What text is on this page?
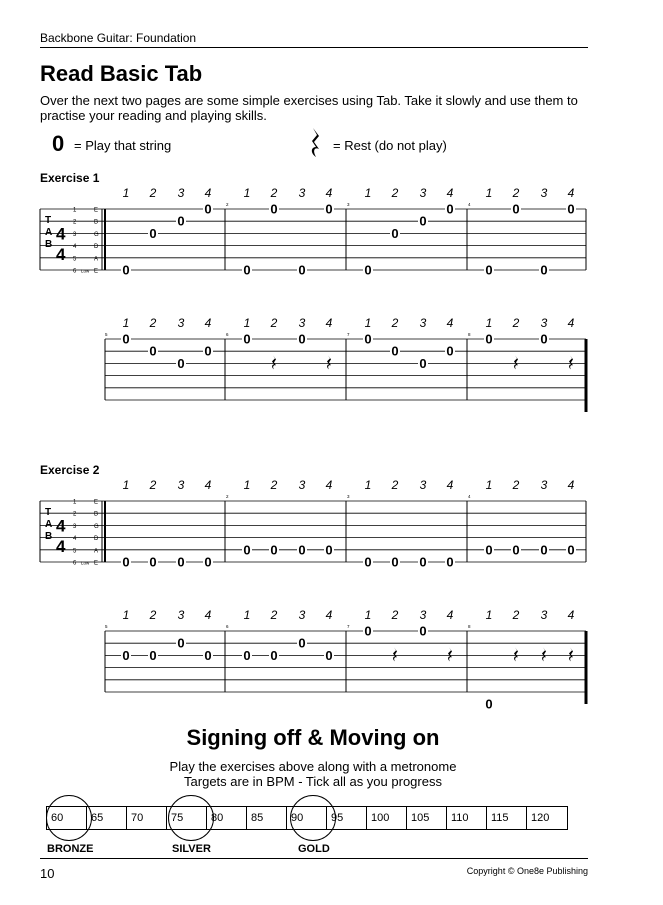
Backbone Guitar: Foundation
Read Basic Tab
Over the next two pages are some simple exercises using Tab. Take it slowly and use them to practise your reading and playing skills.
0 = Play that string	= Rest (do not play)
Exercise 1
T
A
B
4
4
1	E
2	B
3	G
4	D
5	A
6	E
Low
2	3	4
1
0
2
0
3
0
4
0
1
0
2
0
3
0
4
0
1
0
2
0
3
0
4
0
1
0
2
0
3
0
4
0
5	6	7	8
1
0
2
0
3
0
4
0
1
0
2 3
0
4	1
0
2
0
3
0
4
0
1
0
2 3
0
4
Exercise 2
T
A
B
4
4
1	E
2	B
3	G
4	D
5	A
6	E
Low
2	3	4
1
0
2
0
3
0
4
0
1
0
2
0
3
0
4
0
1
0
2
0
3
0
4
0
1
0
2
0
3
0
4
0
5	6	7	8
1
0
2
0
3
0
4
0
1
0
2
0
3
0
4
0
1
0
2 3
0
4	1
0
2 3 4
Signing off & Moving on
Play the exercises above along with a metronome
Targets are in BPM - Tick all as you progress
60	65	70	75	80	85	90	95	100	105	110	115	120
BRONZE	SILVER	GOLD
10	Copyright © One8e Publishing
